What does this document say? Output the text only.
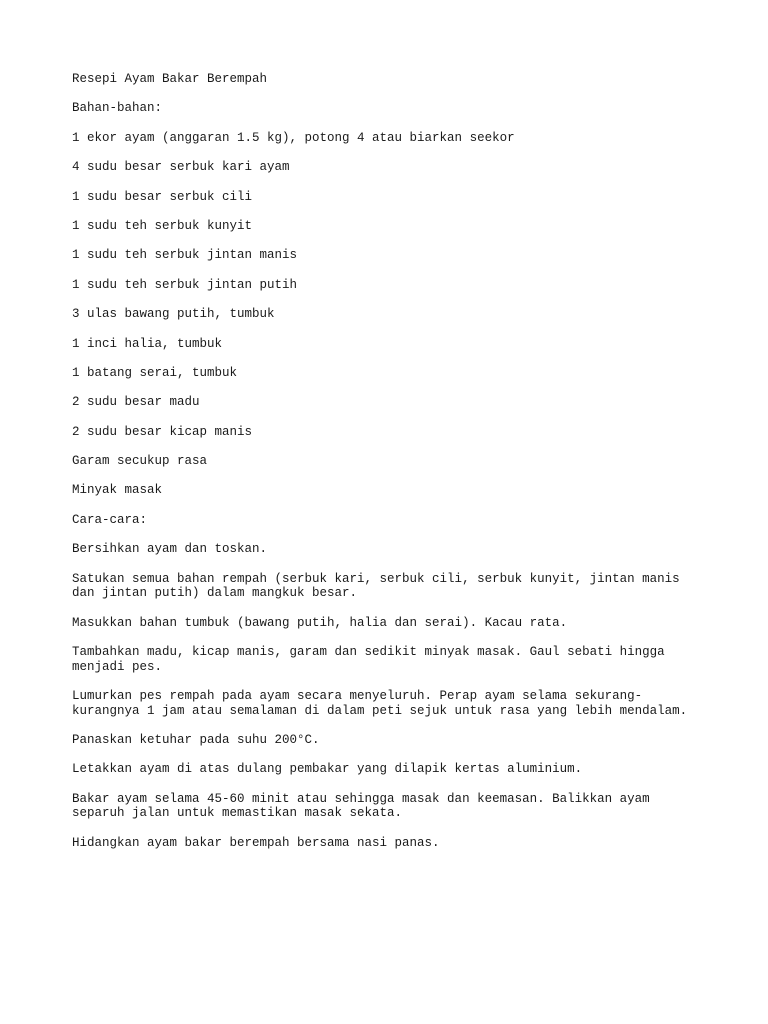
Resepi Ayam Bakar Berempah

Bahan-bahan:

1 ekor ayam (anggaran 1.5 kg), potong 4 atau biarkan seekor

4 sudu besar serbuk kari ayam

1 sudu besar serbuk cili

1 sudu teh serbuk kunyit

1 sudu teh serbuk jintan manis

1 sudu teh serbuk jintan putih

3 ulas bawang putih, tumbuk

1 inci halia, tumbuk

1 batang serai, tumbuk

2 sudu besar madu

2 sudu besar kicap manis

Garam secukup rasa

Minyak masak

Cara-cara:

Bersihkan ayam dan toskan.

Satukan semua bahan rempah (serbuk kari, serbuk cili, serbuk kunyit, jintan manis
dan jintan putih) dalam mangkuk besar.

Masukkan bahan tumbuk (bawang putih, halia dan serai). Kacau rata.

Tambahkan madu, kicap manis, garam dan sedikit minyak masak. Gaul sebati hingga
menjadi pes.

Lumurkan pes rempah pada ayam secara menyeluruh. Perap ayam selama sekurang-
kurangnya 1 jam atau semalaman di dalam peti sejuk untuk rasa yang lebih mendalam.

Panaskan ketuhar pada suhu 200°C.

Letakkan ayam di atas dulang pembakar yang dilapik kertas aluminium.

Bakar ayam selama 45-60 minit atau sehingga masak dan keemasan. Balikkan ayam
separuh jalan untuk memastikan masak sekata.

Hidangkan ayam bakar berempah bersama nasi panas.
